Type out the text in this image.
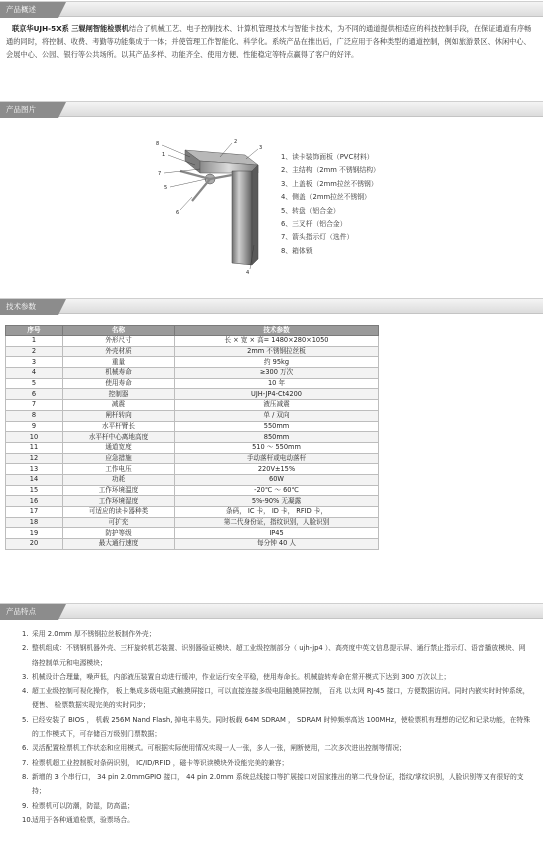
产品概述
联京华UJH-5X系 三辊闸智能检票机结合了机械工艺、电子控制技术、计算机管理技术与智能卡技术，为不同的通道提供相适应的科技控制手段，在保证通道有序畅通的同时，将控制、收费、考勤等功能集成于一体；并使管理工作智能化、科学化。系统产品在推出后，广泛应用于各种类型的通道控制，例如旅游景区、休闲中心、会展中心、公园、银行等公共场所。以其产品多样、功能齐全、使用方便、性能稳定等特点赢得了客户的好评。
产品图片
8
1
2
5
6
3
7
4
1、读卡装饰面板（PVC材料）
2、主结构（2mm 不锈钢结构）
3、上盖板（2mm拉丝不锈钢）
4、侧盖（2mm拉丝不锈钢）
5、转盘（铝合金）
6、三叉杆（铝合金）
7、箭头指示灯（选件）
8、箱体锁
技术参数
序号	名称	技术参数
1	外形尺寸	长 × 宽 × 高= 1480×280×1050
2	外壳材质	2mm 不锈钢拉丝板
3	重量	约 95kg
4	机械寿命	≥300 万次
5	使用寿命	10 年
6	控制器	UJH-JP4-Ct4200
7	减震	液压减震
8	闸杆转向	单 / 双向
9	水平杆臂长	550mm
10	水平杆中心离地高度	850mm
11	通道宽度	510 ～ 550mm
12	应急措施	手动落杆或电动落杆
13	工作电压	220V±15%
14	功耗	60W
15	工作环境温度	-20℃ ～ 60℃
16	工作环境湿度	5%-90% 无凝露
17	可适应的读卡器种类	条码， IC 卡， ID 卡， RFID 卡，
18	可扩充	第二代身份证，指纹识别，人脸识别
19	防护等级	IP45
20	最大通行速度	每分钟 40 人
产品特点
1. 采用 2.0mm 厚不锈钢拉丝板制作外壳；
2. 整机组成：不锈钢机器外壳、三杆旋转机芯装置、识别器验证模块、超工业级控制部分（ ujh-jp4 ）、高亮度中英文信息提示屏、通行禁止指示灯、语音播放模块、网络控制单元和电源模块；
3. 机械设计合理量，噪声低，内部液压装置自动进行缓冲，作业运行安全平稳，使用寿命长。机械旋转寿命在常开模式下达到 300 万次以上；
4. 超工业级控制可视化操作， 板上集成多级电阻式触摸屏接口，可以直接连接多级电阻触摸屏控制， 百兆 以太网 RJ-45 接口，方便数据访问。同时内嵌实时时钟系统，便售、 检票数据实现完美的实时同步；
5. 已经安装了 BIOS ， 机载 256M Nand Flash, 掉电丰易失。同时板载 64M SDRAM ， SDRAM 时钟频率高达 100MHz，使检票机有理想的记忆和记录功能，在特殊的工作模式下，可存储百万级别门票数据；
6. 灵活配置检票机工作状态和应用模式。可根据实际使用情况实现一人一张，多人一张，闸断使用，二次多次进出控制等情况；
7. 检票机超工业控制板对条码识别， IC/ID/RFID ，磁卡等识读模块外设能完美的兼容；
8. 新增的 3 个串行口， 34 pin 2.0mmGPIO 接口， 44 pin 2.0mm 系统总线接口等扩展接口对国家推出的第二代身份证，指纹/掌纹识别，人脸识别等又有很好的支持；
9. 检票机可以防潮，防湿，防高温；
10. 适用于各种通道检票，验票场合。
